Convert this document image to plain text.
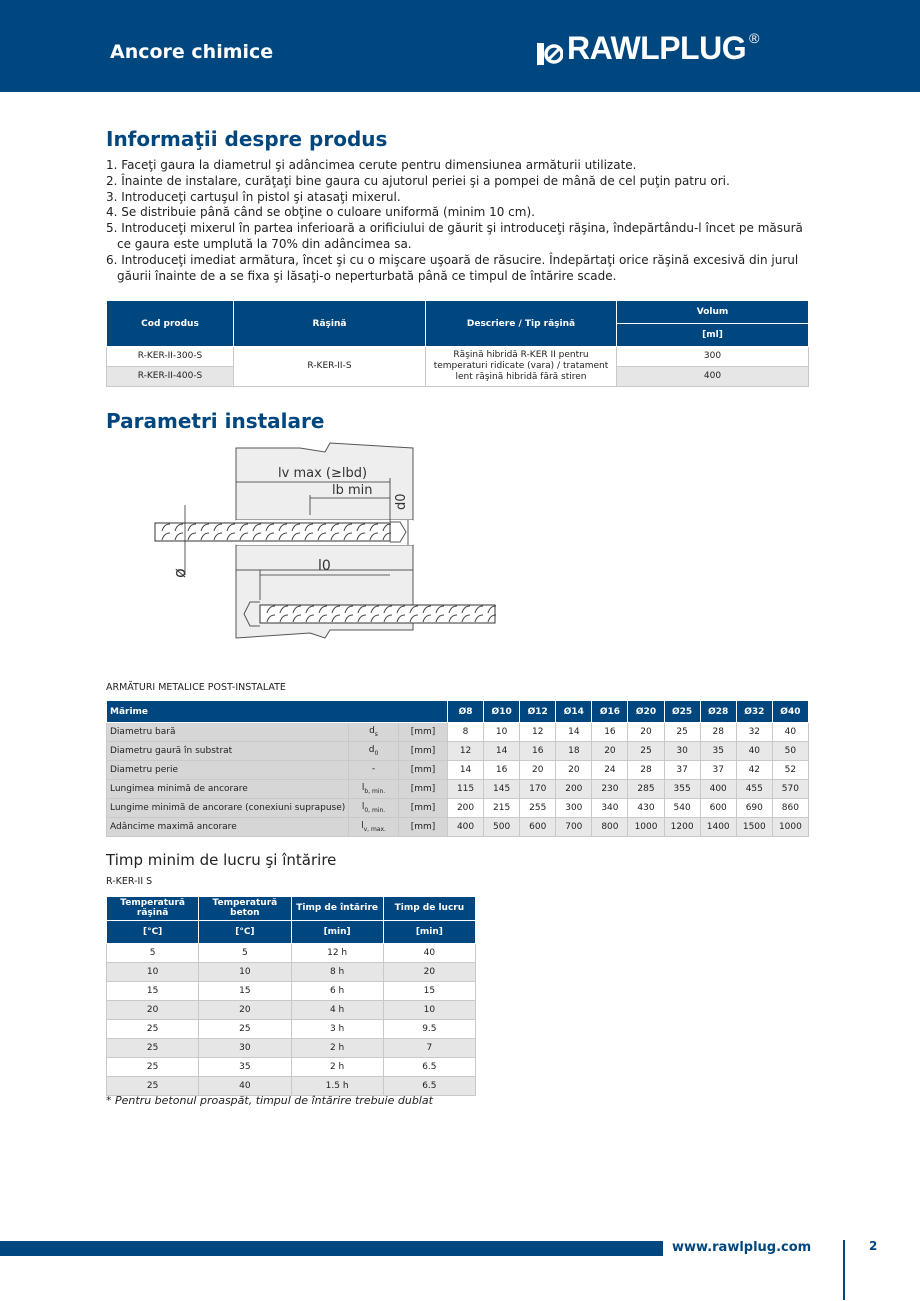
Ancore chimice	RAWLPLUG®
Informaţii despre produs
1. Faceţi gaura la diametrul şi adâncimea cerute pentru dimensiunea armăturii utilizate.
2. Înainte de instalare, curăţaţi bine gaura cu ajutorul periei şi a pompei de mână de cel puţin patru ori.
3. Introduceţi cartuşul în pistol şi atasaţi mixerul.
4. Se distribuie până când se obţine o culoare uniformă (minim 10 cm).
5. Introduceţi mixerul în partea inferioară a orificiului de găurit şi introduceţi răşina, îndepărtându-l încet pe măsură ce gaura este umplută la 70% din adâncimea sa.
6. Introduceţi imediat armătura, încet şi cu o mişcare uşoară de răsucire. Îndepărtaţi orice răşină excesivă din jurul găurii înainte de a se fixa şi lăsaţi-o neperturbată până ce timpul de întărire scade.
Cod produs	Răşină	Descriere / Tip răşină	Volum
			[ml]
R-KER-II-300-S	R-KER-II-S	Răşină hibridă R-KER II pentru temperaturi ridicate (vara) / tratament lent răşină hibridă fără stiren	300
R-KER-II-400-S			400
Parametri instalare
lv max (≥lbd)
lb min
d0
ø	l0
ARMĂTURI METALICE POST-INSTALATE
Mărime			Ø8	Ø10	Ø12	Ø14	Ø16	Ø20	Ø25	Ø28	Ø32	Ø40
Diametru bară	$d_s$	[mm]	8	10	12	14	16	20	25	28	32	40
Diametru gaură în substrat	$d_0$	[mm]	12	14	16	18	20	25	30	35	40	50
Diametru perie	-	[mm]	14	16	20	20	24	28	37	37	42	52
Lungimea minimă de ancorare	$l_{b, min.}$	[mm]	115	145	170	200	230	285	355	400	455	570
Lungime minimă de ancorare (conexiuni suprapuse)	$l_{0, min.}$	[mm]	200	215	255	300	340	430	540	600	690	860
Adâncime maximă ancorare	$l_{v, max.}$	[mm]	400	500	600	700	800	1000	1200	1400	1500	1000
Timp minim de lucru şi întărire
R-KER-II S
Temperatură răşină	Temperatură beton	Timp de întărire	Timp de lucru
[°C]	[°C]	[min]	[min]
5	5	12 h	40
10	10	8 h	20
15	15	6 h	15
20	20	4 h	10
25	25	3 h	9.5
25	30	2 h	7
25	35	2 h	6.5
25	40	1.5 h	6.5
* Pentru betonul proaspăt, timpul de întărire trebuie dublat
www.rawlplug.com	2
